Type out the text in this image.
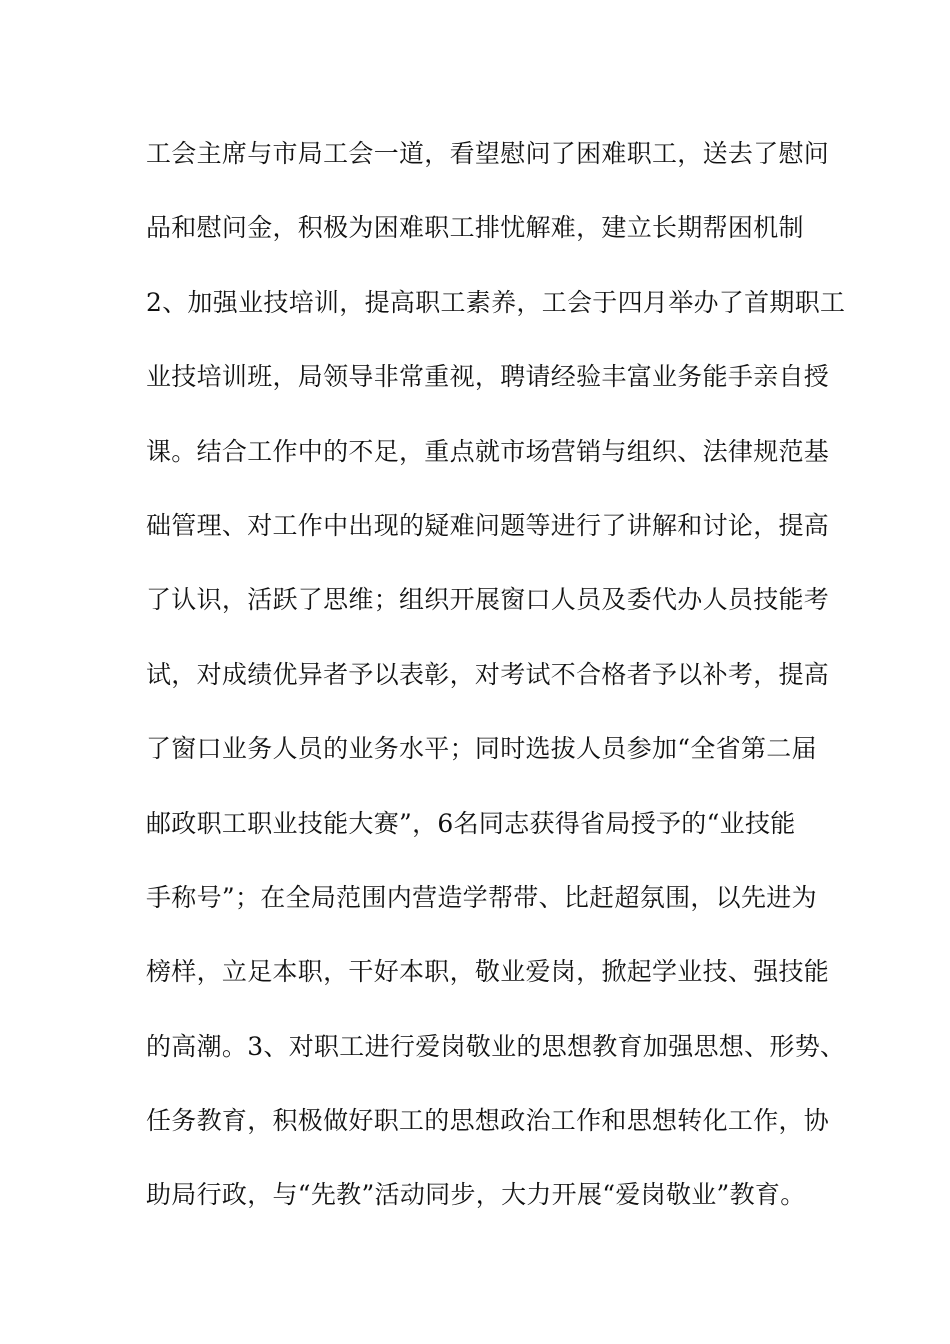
工会主席与市局工会一道，看望慰问了困难职工，送去了慰问
品和慰问金，积极为困难职工排忧解难，建立长期帮困机制
2、加强业技培训，提高职工素养，工会于四月举办了首期职工
业技培训班，局领导非常重视，聘请经验丰富业务能手亲自授
课。结合工作中的不足，重点就市场营销与组织、法律规范基
础管理、对工作中出现的疑难问题等进行了讲解和讨论，提高
了认识，活跃了思维；组织开展窗口人员及委代办人员技能考
试，对成绩优异者予以表彰，对考试不合格者予以补考，提高
了窗口业务人员的业务水平；同时选拔人员参加“全省第二届
邮政职工职业技能大赛”，6名同志获得省局授予的“业技能
手称号”；在全局范围内营造学帮带、比赶超氛围，以先进为
榜样，立足本职，干好本职，敬业爱岗，掀起学业技、强技能
的高潮。3、对职工进行爱岗敬业的思想教育加强思想、形势、
任务教育，积极做好职工的思想政治工作和思想转化工作，协
助局行政，与“先教”活动同步，大力开展“爱岗敬业”教育。
